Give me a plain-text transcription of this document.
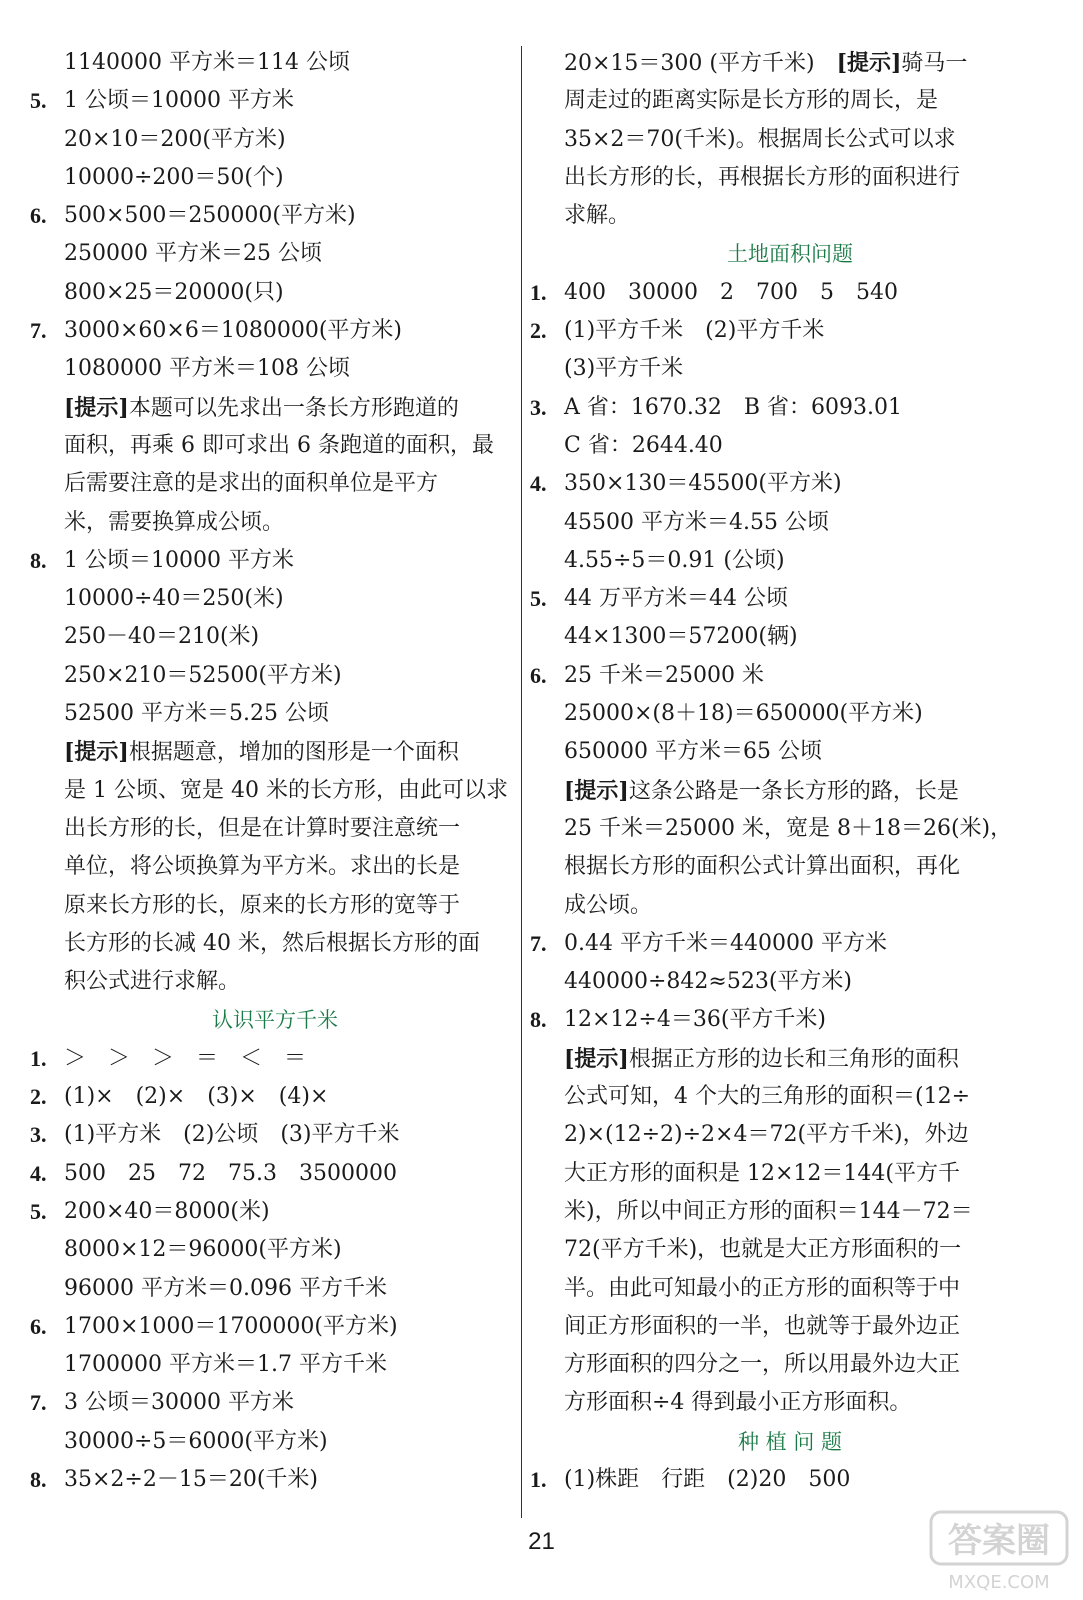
1140000 平方米＝114 公顷
5. 1 公顷＝10000 平方米
20×10＝200(平方米)
10000÷200＝50(个)
6. 500×500＝250000(平方米)
250000 平方米＝25 公顷
800×25＝20000(只)
7. 3000×60×6＝1080000(平方米)
1080000 平方米＝108 公顷
[提示]本题可以先求出一条长方形跑道的
面积，再乘 6 即可求出 6 条跑道的面积，最
后需要注意的是求出的面积单位是平方
米，需要换算成公顷。
8. 1 公顷＝10000 平方米
10000÷40＝250(米)
250－40＝210(米)
250×210＝52500(平方米)
52500 平方米＝5.25 公顷
[提示]根据题意，增加的图形是一个面积
是 1 公顷、宽是 40 米的长方形，由此可以求
出长方形的长，但是在计算时要注意统一
单位，将公顷换算为平方米。求出的长是
原来长方形的长，原来的长方形的宽等于
长方形的长减 40 米，然后根据长方形的面
积公式进行求解。
认识平方千米
1. ＞　＞　＞　＝　＜　＝
2. (1)×　(2)×　(3)×　(4)×
3. (1)平方米　(2)公顷　(3)平方千米
4. 500　25　72　75.3　3500000
5. 200×40＝8000(米)
8000×12＝96000(平方米)
96000 平方米＝0.096 平方千米
6. 1700×1000＝1700000(平方米)
1700000 平方米＝1.7 平方千米
7. 3 公顷＝30000 平方米
30000÷5＝6000(平方米)
8. 35×2÷2－15＝20(千米)
20×15＝300 (平方千米)　[提示]骑马一
周走过的距离实际是长方形的周长，是
35×2＝70(千米)。根据周长公式可以求
出长方形的长，再根据长方形的面积进行
求解。
土地面积问题
1. 400　30000　2　700　5　540
2. (1)平方千米　(2)平方千米
(3)平方千米
3. A 省：1670.32　B 省：6093.01
C 省：2644.40
4. 350×130＝45500(平方米)
45500 平方米＝4.55 公顷
4.55÷5＝0.91 (公顷)
5. 44 万平方米＝44 公顷
44×1300＝57200(辆)
6. 25 千米＝25000 米
25000×(8＋18)＝650000(平方米)
650000 平方米＝65 公顷
[提示]这条公路是一条长方形的路，长是
25 千米＝25000 米，宽是 8＋18＝26(米)，
根据长方形的面积公式计算出面积，再化
成公顷。
7. 0.44 平方千米＝440000 平方米
440000÷842≈523(平方米)
8. 12×12÷4＝36(平方千米)
[提示]根据正方形的边长和三角形的面积
公式可知，4 个大的三角形的面积＝(12÷
2)×(12÷2)÷2×4＝72(平方千米)，外边
大正方形的面积是 12×12＝144(平方千
米)，所以中间正方形的面积＝144－72＝
72(平方千米)，也就是大正方形面积的一
半。由此可知最小的正方形的面积等于中
间正方形面积的一半，也就等于最外边正
方形面积的四分之一，所以用最外边大正
方形面积÷4 得到最小正方形面积。
种 植 问 题
1. (1)株距　行距　(2)20　500
21	答案圈
MXQE.COM
